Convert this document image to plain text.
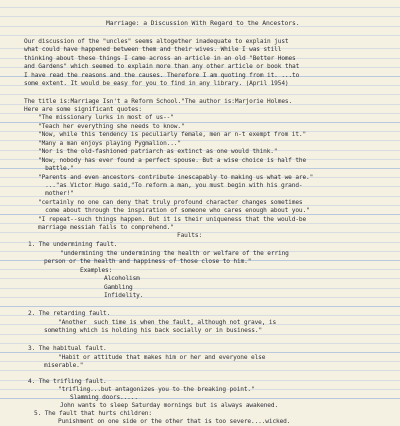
Marriage: a Discussion With Regard to the Ancestors.
Our discussion of the "uncles" seems altogether inadequate to explain just
what could have happened between them and their wives. While I was still
thinking about these things I came across an article in an old "Better Homes
and Gardens" which seemed to explain more than any other article or book that
I have read the reasons and the causes. Therefore I am quoting from it. ...to
some extent. It would be easy for you to find in any library. (April 1954)
The title is:Marriage Isn't a Reform School."The author is:Marjorie Holmes.
Here are some significant quotes:
"The missionary lurks in most of us--"
"Teach her everything she needs to know."
"Now, while this tendency is peculiarly female, men ar n-t exempt from it."
"Many a man enjoys playing Pygmalion..."
"Nor is the old-fashioned patriarch as extinct as one would think."
"Now, nobody has ever found a perfect spouse. But a wise choice is half the
battle."
"Parents and even ancestors contribute inescapably to making us what we are."
..."as Victor Hugo said,"To reform a man, you must begin with his grand-
mother!"
"certainly no one can deny that truly profound character changes sometimes
come about through the inspiration of someone who cares enough about you."
"I repeat--such things happen. But it is their uniqueness that the would-be
marriage messiah fails to comprehend."
Faults:
1. The undermining fault.
"undermining the undermining the health or welfare of the erring
person or the health and happiness of those close to him."
Examples:
Alcoholism
Gambling
Infidelity.
2. The retarding fault.
"Another  such time is when the fault, although not grave, is
something which is holding his back socially or in business."
3. The habitual fault.
"Habit or attitude that makes him or her and everyone else
miserable."
4. The trifling fault.
"trifling...but antagonizes you to the breaking point."
Slamming doors.....
John wants to sleep Saturday mornings but is always awakened.
5. The fault that hurts children:
Punishment on one side or the other that is too severe....wicked.
